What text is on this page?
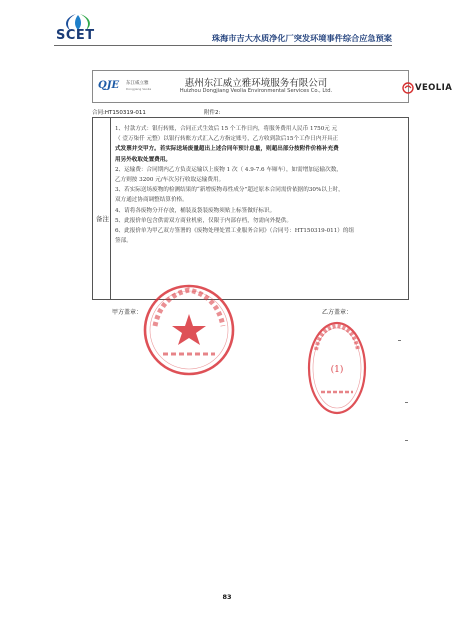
SCET	珠海市吉大水质净化厂突发环境事件综合应急预案
QJE 东江威立雅
Dongjiang Veolia	惠州东江威立雅环境服务有限公司
Huizhou Dongjiang Veolia Environmental Services Co., Ltd.	VEOLIA
合同:HT150319-011	附件2:
备注

1、付款方式：银行转账，合同正式生效后 15 个工作日内，将服务费用人民币 1750元 元

（ 壹万柒仟 元整）以银行转账方式汇入乙方指定账号，乙方收到款后15个工作日内开具正

式发票并交甲方。若实际送场废量超出上述合同年预计总量，则超出部分按附件价格补充费

用另外收取处置费用。

2、运输费：合同期内乙方负责运输以上废物 1 次（ 4.9-7.6 车厢车），如需增加运输次数，

乙方则按 3200 元/车次另行收取运输费用。

3、若实际送场废物的检测结果的“新增废物毒性成分”超过原本合同需价依据的30%以上时，

双方通过协商调整结算价格。

4、请将各废物分开存放，桶装及袋装废物须贴上标签做好标识。

5、此报价单包含供需双方商业机密，仅限于内部存档，勿需向外提供。

6、此报价单为甲乙双方签署的《废物处理处置工业服务合同》（合同号：HT150319-011）的组

签部。

甲方盖章：	乙方盖章：
(1)
83
